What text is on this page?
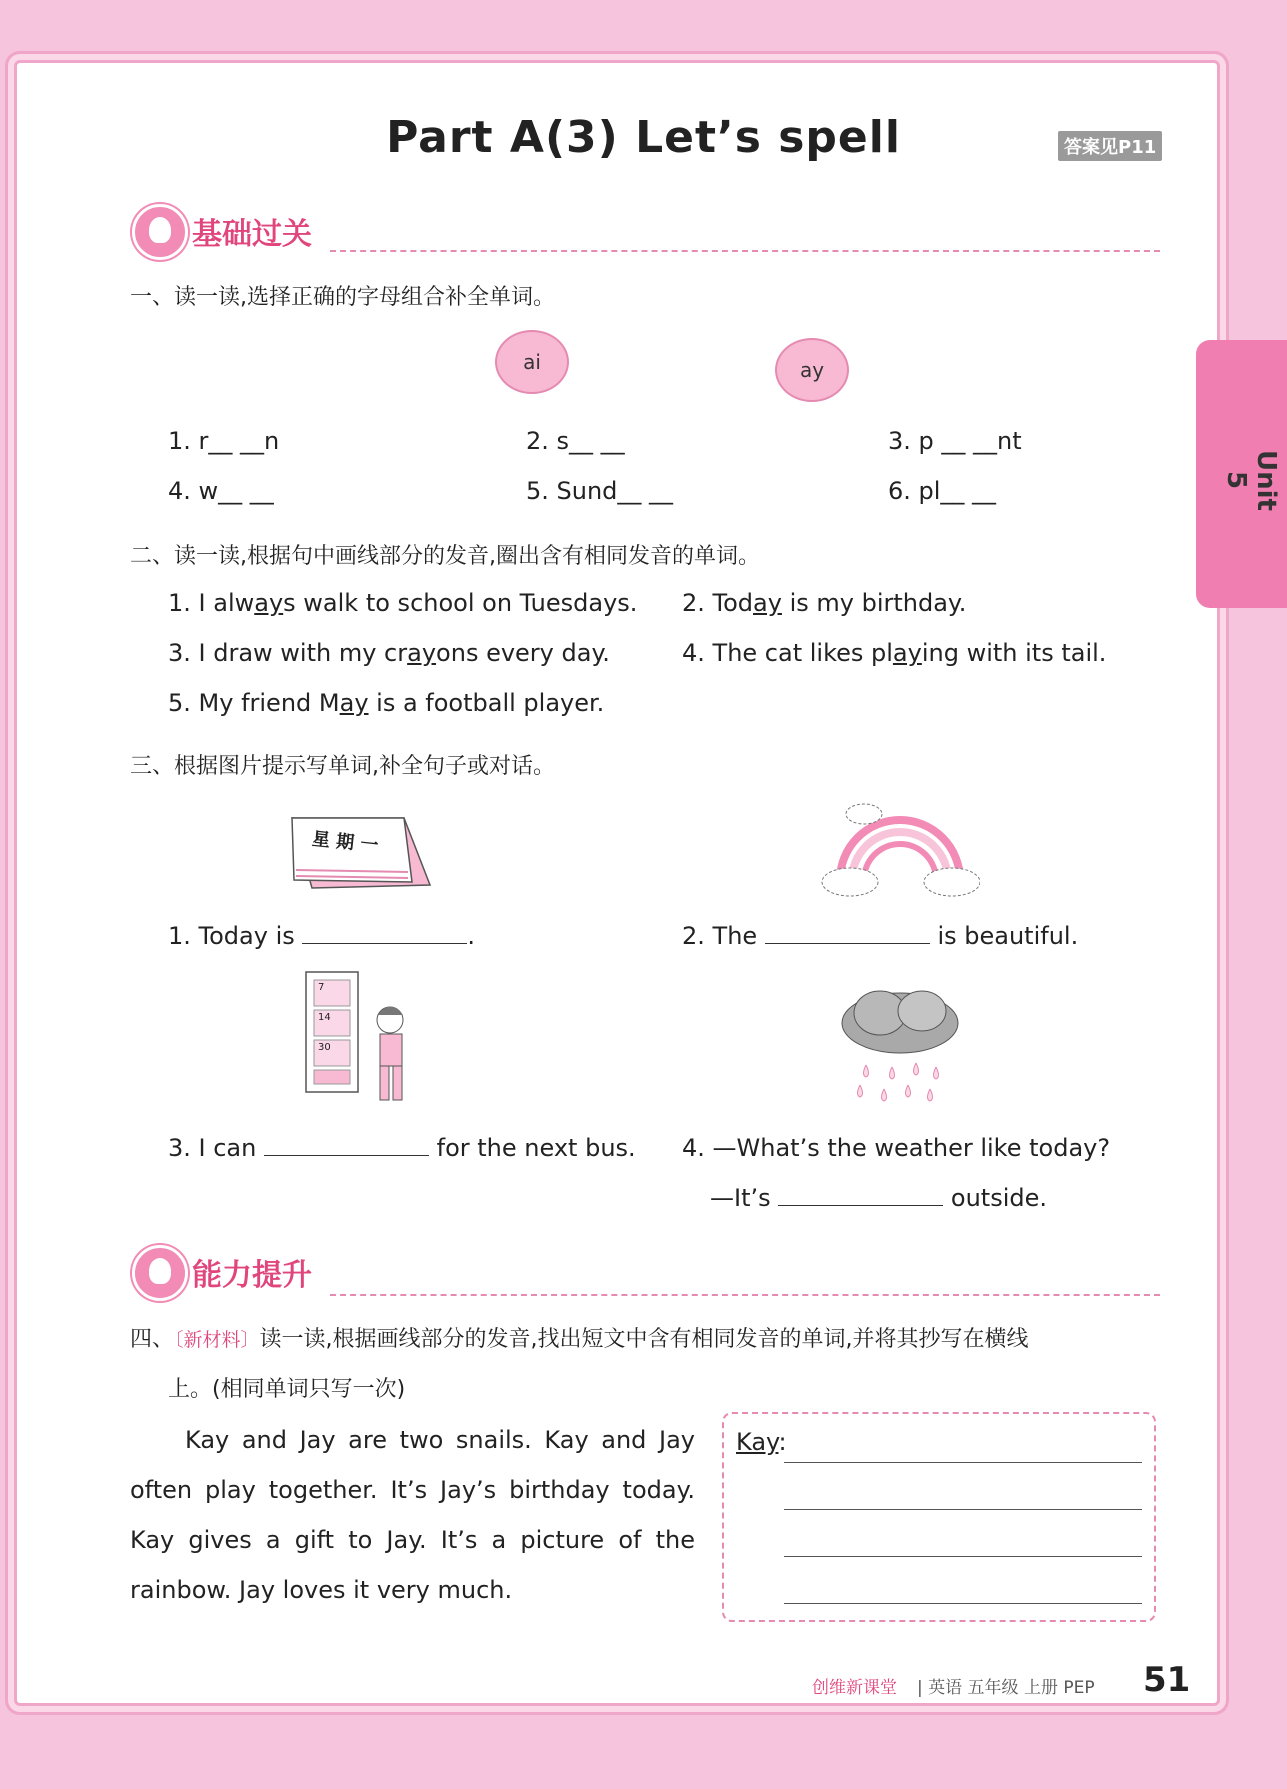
Part A(3) Let’s spell	答案见P11
Unit 5
基础过关
一、读一读,选择正确的字母组合补全单词。
ai	ay
1. r__ __n	2. s__ __	3. p __ __nt
4. w__ __	5. Sund__ __	6. pl__ __
二、读一读,根据句中画线部分的发音,圈出含有相同发音的单词。
1. I always walk to school on Tuesdays. 2. Today is my birthday.
3. I draw with my crayons every day.	4. The cat likes playing with its tail.
5. My friend May is a football player.
三、根据图片提示写单词,补全句子或对话。
星 期 一
1. Today is	.	2. The	is beautiful.
7
14
30
3. I can	for the next bus. 4. —What’s the weather like today?
—It’s	outside.
能力提升
四、〔新材料〕读一读,根据画线部分的发音,找出短文中含有相同发音的单词,并将其抄写在横线
上。(相同单词只写一次)
Kay and Jay are two snails. Kay and Jay often play together. It’s Jay’s birthday today. Kay gives a gift to Jay. It’s a picture of the rainbow. Jay loves it very much.
Kay:
创维新课堂 | 英语 五年级 上册 PEP 51
